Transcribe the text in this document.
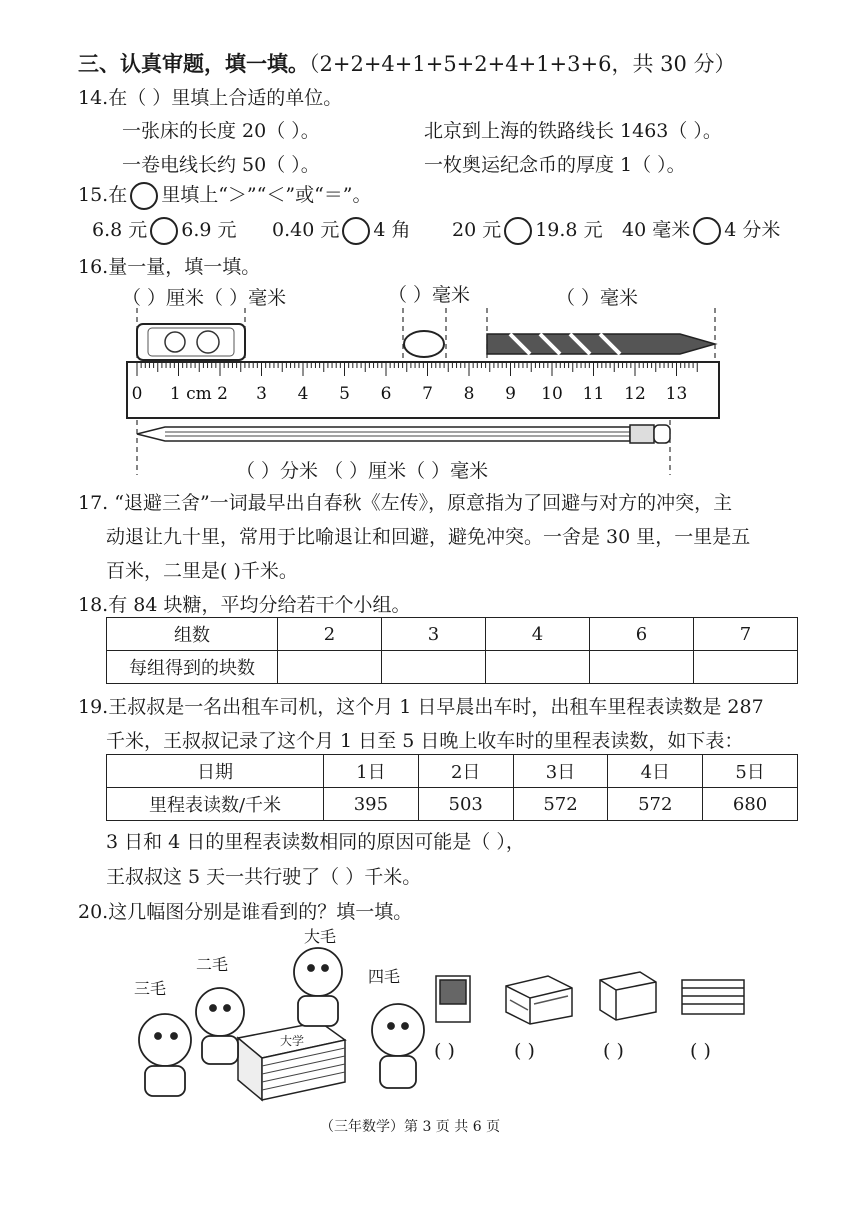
三、认真审题，填一填。（2+2+4+1+5+2+4+1+3+6，共 30 分）
14.在（ ）里填上合适的单位。
一张床的长度 20（ ）。	北京到上海的铁路线长 1463（ ）。
一卷电线长约 50（ ）。	一枚奥运纪念币的厚度 1（ ）。
15.在 里填上“＞”“＜”或“＝”。
6.8 元 6.9 元 0.40 元 4 角 20 元 19.8 元 40 毫米 4 分米
16.量一量，填一填。
（ ）厘米（ ）毫米	（ ）毫米	（ ）毫米
0 1 cm 2 3 4 5 6 7 8 9 10 11 12 13
（ ）分米 （ ）厘米（ ）毫米
17. “退避三舍”一词最早出自春秋《左传》，原意指为了回避与对方的冲突，主
动退让九十里，常用于比喻退让和回避，避免冲突。一舍是 30 里，一里是五
百米，二里是( )千米。
18.有 84 块糖，平均分给若干个小组。
组数	2	3	4	6	7
每组得到的块数					
19.王叔叔是一名出租车司机，这个月 1 日早晨出车时，出租车里程表读数是 287
千米，王叔叔记录了这个月 1 日至 5 日晚上收车时的里程表读数，如下表：
日期	1日	2日	3日	4日	5日
里程表读数/千米	395	503	572	572	680
3 日和 4 日的里程表读数相同的原因可能是（ ），
王叔叔这 5 天一共行驶了（ ）千米。
20.这几幅图分别是谁看到的？填一填。
大学
三毛
二毛
大毛
四毛
( )	( )	( )	( )
（三年数学）第 3 页 共 6 页
